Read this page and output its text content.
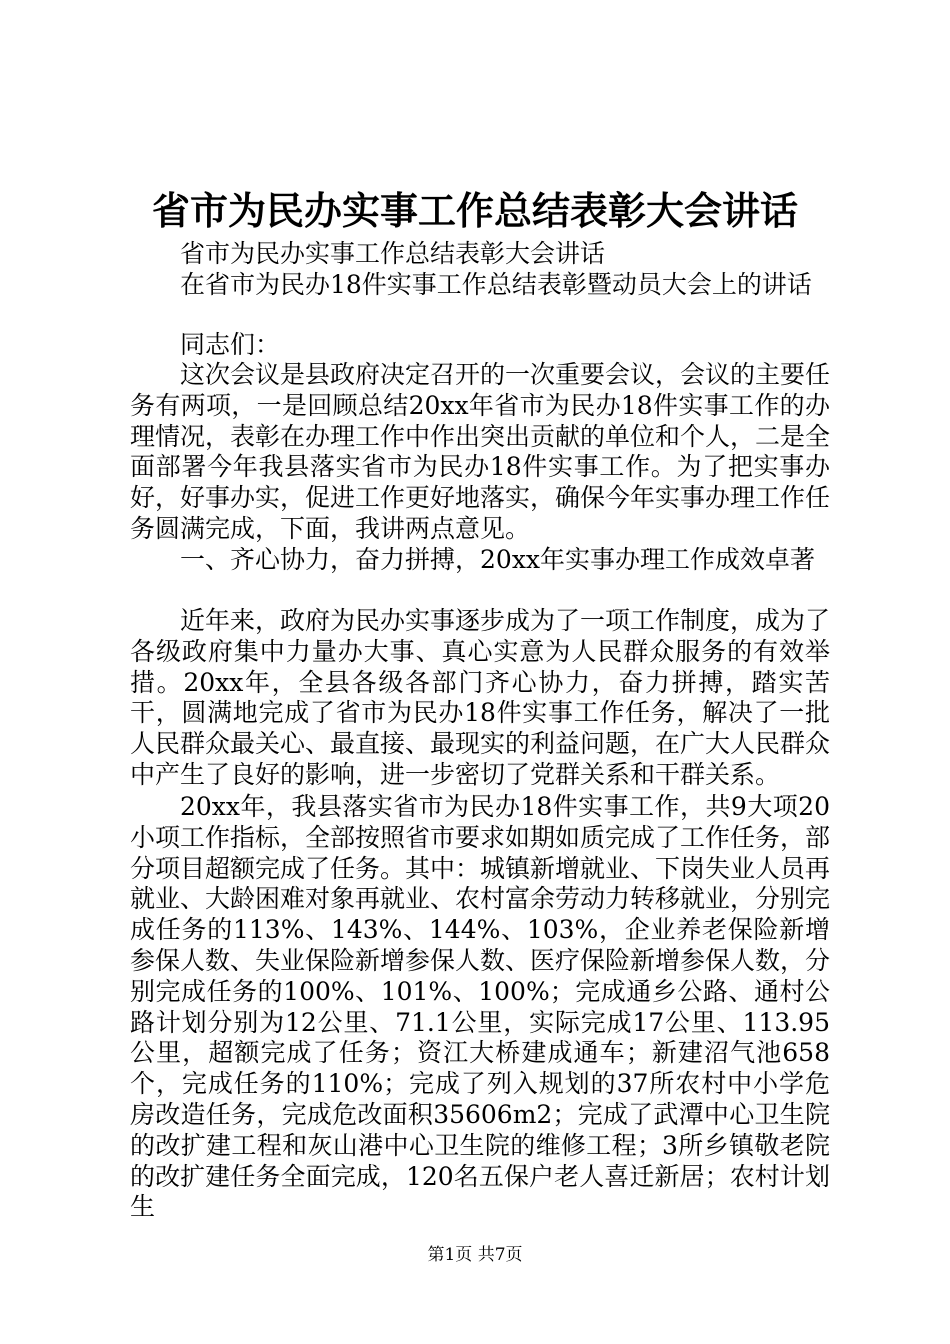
省市为民办实事工作总结表彰大会讲话

省市为民办实事工作总结表彰大会讲话

在省市为民办18件实事工作总结表彰暨动员大会上的讲话

同志们：

这次会议是县政府决定召开的一次重要会议，会议的主要任务有两项，一是回顾总结20xx年省市为民办18件实事工作的办理情况，表彰在办理工作中作出突出贡献的单位和个人，二是全面部署今年我县落实省市为民办18件实事工作。为了把实事办好，好事办实，促进工作更好地落实，确保今年实事办理工作任务圆满完成，下面，我讲两点意见。

一、齐心协力，奋力拼搏，20xx年实事办理工作成效卓著

近年来，政府为民办实事逐步成为了一项工作制度，成为了各级政府集中力量办大事、真心实意为人民群众服务的有效举措。20xx年，全县各级各部门齐心协力，奋力拼搏，踏实苦干，圆满地完成了省市为民办18件实事工作任务，解决了一批人民群众最关心、最直接、最现实的利益问题，在广大人民群众中产生了良好的影响，进一步密切了党群关系和干群关系。

20xx年，我县落实省市为民办18件实事工作，共9大项20小项工作指标，全部按照省市要求如期如质完成了工作任务，部分项目超额完成了任务。其中：城镇新增就业、下岗失业人员再就业、大龄困难对象再就业、农村富余劳动力转移就业，分别完成任务的113%、143%、144%、103%，企业养老保险新增参保人数、失业保险新增参保人数、医疗保险新增参保人数，分别完成任务的100%、101%、100%；完成通乡公路、通村公路计划分别为12公里、71.1公里，实际完成17公里、113.95公里，超额完成了任务；资江大桥建成通车；新建沼气池658个，完成任务的110%；完成了列入规划的37所农村中小学危房改造任务，完成危改面积35606m2；完成了武潭中心卫生院的改扩建工程和灰山港中心卫生院的维修工程；3所乡镇敬老院的改扩建任务全面完成，120名五保户老人喜迁新居；农村计划生

第1页 共7页
